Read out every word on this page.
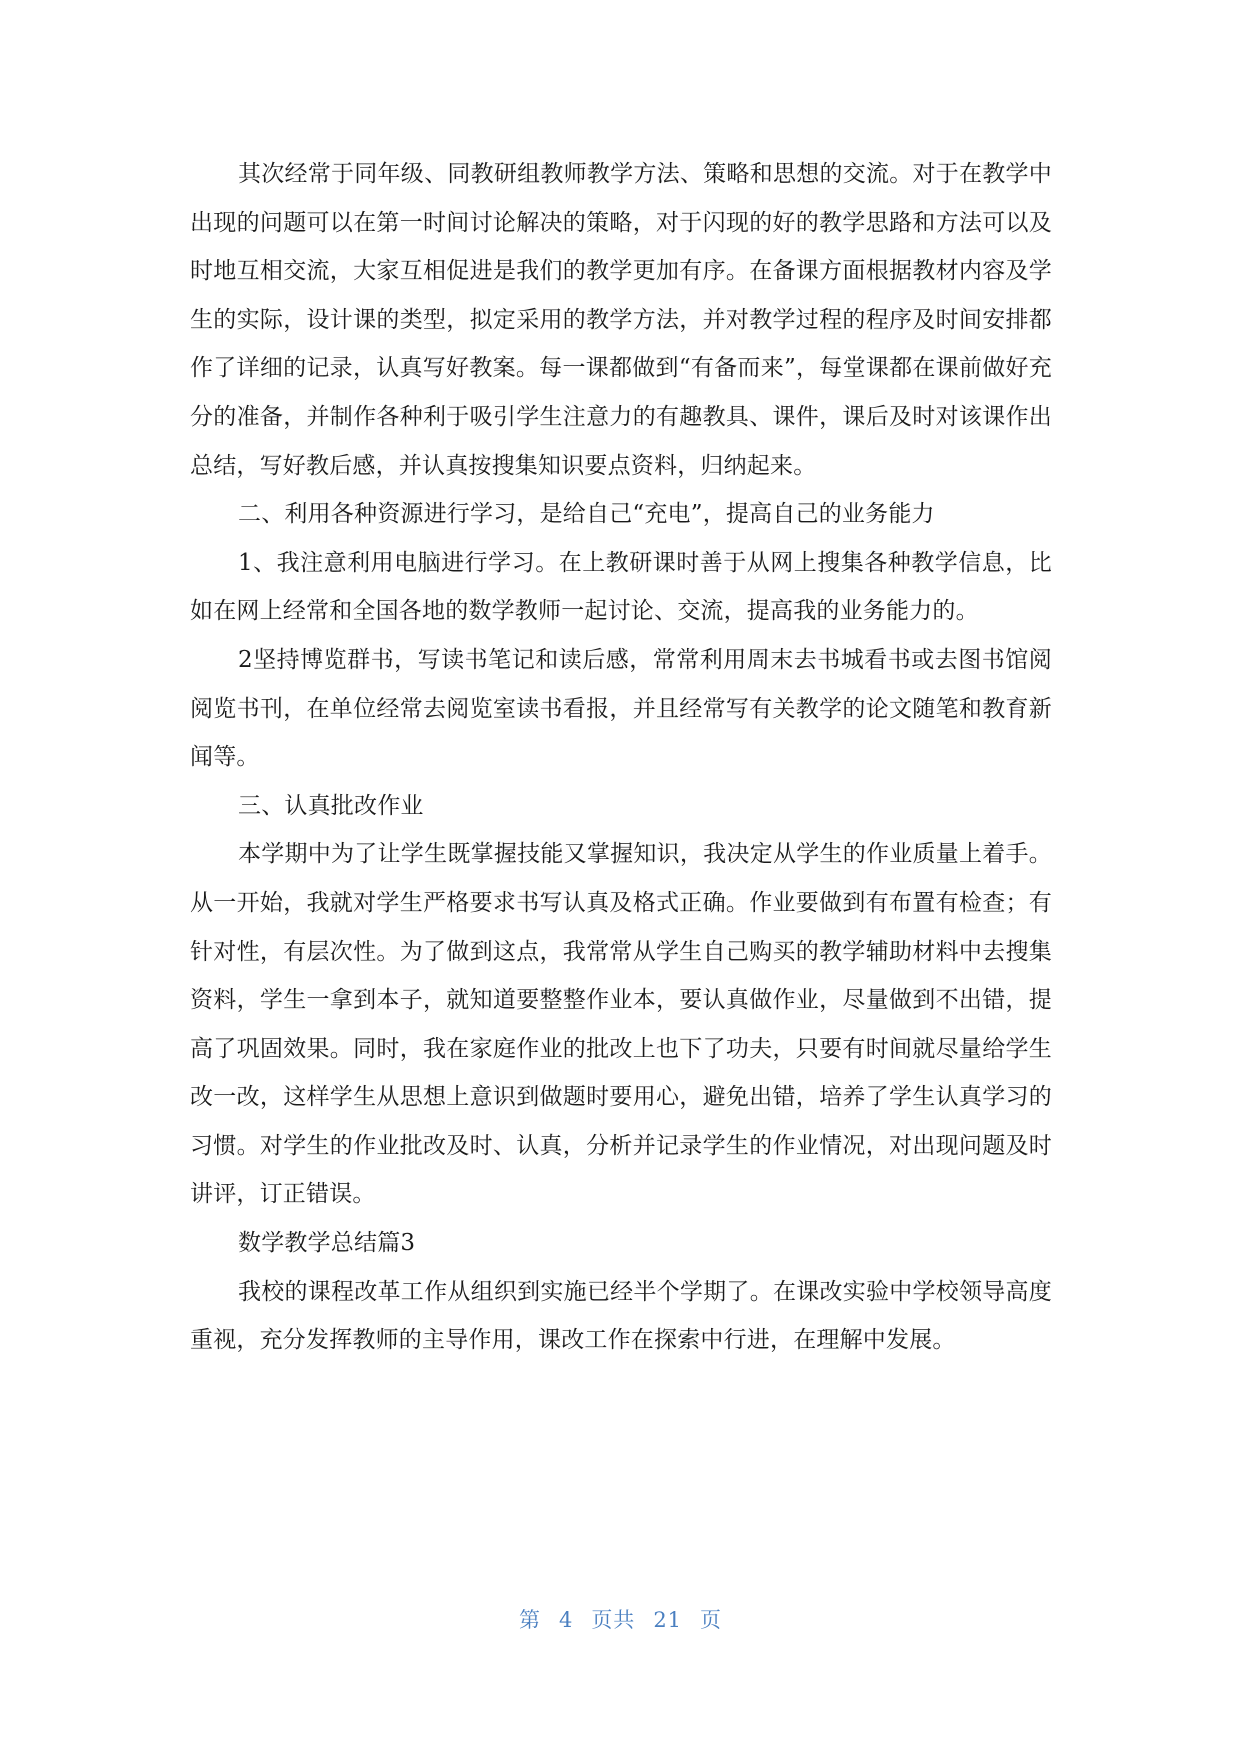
其次经常于同年级、同教研组教师教学方法、策略和思想的交流。对于在教学中出现的问题可以在第一时间讨论解决的策略，对于闪现的好的教学思路和方法可以及时地互相交流，大家互相促进是我们的教学更加有序。在备课方面根据教材内容及学生的实际，设计课的类型，拟定采用的教学方法，并对教学过程的程序及时间安排都作了详细的记录，认真写好教案。每一课都做到“有备而来”，每堂课都在课前做好充分的准备，并制作各种利于吸引学生注意力的有趣教具、课件，课后及时对该课作出总结，写好教后感，并认真按搜集知识要点资料，归纳起来。

二、利用各种资源进行学习，是给自己“充电”，提高自己的业务能力

1、我注意利用电脑进行学习。在上教研课时善于从网上搜集各种教学信息，比如在网上经常和全国各地的数学教师一起讨论、交流，提高我的业务能力的。

2坚持博览群书，写读书笔记和读后感，常常利用周末去书城看书或去图书馆阅阅览书刊，在单位经常去阅览室读书看报，并且经常写有关教学的论文随笔和教育新闻等。

三、认真批改作业

本学期中为了让学生既掌握技能又掌握知识，我决定从学生的作业质量上着手。从一开始，我就对学生严格要求书写认真及格式正确。作业要做到有布置有检查；有针对性，有层次性。为了做到这点，我常常从学生自己购买的教学辅助材料中去搜集资料，学生一拿到本子，就知道要整整作业本，要认真做作业，尽量做到不出错，提高了巩固效果。同时，我在家庭作业的批改上也下了功夫，只要有时间就尽量给学生改一改，这样学生从思想上意识到做题时要用心，避免出错，培养了学生认真学习的习惯。对学生的作业批改及时、认真，分析并记录学生的作业情况，对出现问题及时讲评，订正错误。

数学教学总结篇3

我校的课程改革工作从组织到实施已经半个学期了。在课改实验中学校领导高度重视，充分发挥教师的主导作用，课改工作在探索中行进，在理解中发展。

第 4 页共 21 页
